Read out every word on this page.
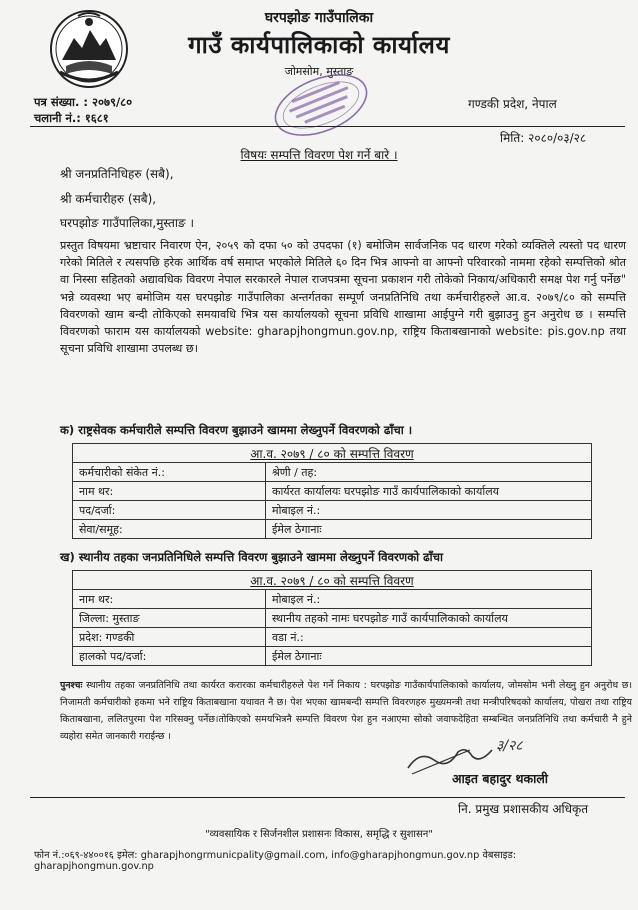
घरपझोङ गाउँपालिका
गाउँ कार्यपालिकाको कार्यालय
जोमसोम, मुस्ताङ
पत्र संख्या. : २०७९/८०
चलानी नं.: १६८१
गण्डकी प्रदेश, नेपाल
मिति: २०८०/०३/२८
विषयः सम्पत्ति विवरण पेश गर्ने बारे ।
श्री जनप्रतिनिधिहरु (सबै),
श्री कर्मचारीहरु (सबै),
घरपझोङ गाउँपालिका,मुस्ताङ ।
प्रस्तुत विषयमा भ्रष्टाचार निवारण ऐन, २०५९ को दफा ५० को उपदफा (१) बमोजिम सार्वजनिक पद धारण गरेको व्यक्तिले त्यस्तो पद धारण गरेको मितिले र त्यसपछि हरेक आर्थिक वर्ष समाप्त भएकोले मितिले ६० दिन भित्र आफ्नो वा आफ्नो परिवारको नाममा रहेको सम्पत्तिको श्रोत वा निस्सा सहितको अद्यावधिक विवरण नेपाल सरकारले नेपाल राजपत्रमा सूचना प्रकाशन गरी तोकेको निकाय/अधिकारी समक्ष पेश गर्नु पर्नेछ" भन्ने व्यवस्था भए बमोजिम यस घरपझोङ गाउँपालिका अन्तर्गतका सम्पूर्ण जनप्रतिनिधि तथा कर्मचारीहरुले आ.व. २०७९/८० को सम्पत्ति विवरणको खाम बन्दी तोकिएको समयावधि भित्र यस कार्यालयको सूचना प्रविधि शाखामा आईपुग्ने गरी बुझाउनु हुन अनुरोध छ । सम्पत्ति विवरणको फाराम यस कार्यालयको website: gharapjhongmun.gov.np, राष्ट्रिय किताबखानाको website: pis.gov.np तथा सूचना प्रविधि शाखामा उपलब्ध छ।
क) राष्ट्रसेवक कर्मचारीले सम्पत्ति विवरण बुझाउने खाममा लेख्नुपर्ने विवरणको ढाँचा ।
आ.व. २०७९ / ८० को सम्पत्ति विवरण	
कर्मचारीको संकेत नं.:	श्रेणी / तह:
नाम थर:	कार्यरत कार्यालयः घरपझोङ गाउँ कार्यपालिकाको कार्यालय
पद/दर्जा:	मोबाइल नं.:
सेवा/समूह:	ईमेल ठेगानाः
ख) स्थानीय तहका जनप्रतिनिधिले सम्पत्ति विवरण बुझाउने खाममा लेख्नुपर्ने विवरणको ढाँचा
आ.व. २०७९ / ८० को सम्पत्ति विवरण	
नाम थर:	मोबाइल नं.:
जिल्ला: मुस्ताङ	स्थानीय तहको नामः घरपझोङ गाउँ कार्यपालिकाको कार्यालय
प्रदेश: गण्डकी	वडा नं.:
हालको पद/दर्जा:	ईमेल ठेगानाः
पुनश्चः स्थानीय तहका जनप्रतिनिधि तथा कार्यरत करारका कर्मचारीहरुले पेश गर्ने निकाय : घरपझोङ गाउँकार्यपालिकाको कार्यालय, जोमसोम भनी लेख्नु हुन अनुरोध छ। निजामती कर्मचारीको हकमा भने राष्ट्रिय किताबखाना यथावत नै छ। पेश भएका खामबन्दी सम्पत्ति विवरणहरु मुख्यमन्त्री तथा मन्त्रीपरिषदको कार्यालय, पोखरा तथा राष्ट्रिय किताबखाना, ललितपुरमा पेश गरिसक्नु पर्नेछ।तोकिएको समयभित्रनै सम्पत्ति विवरण पेश हुन नआएमा सोको जवाफदेहिता सम्बन्धित जनप्रतिनिधि तथा कर्मचारी नै हुने व्यहोरा समेत जानकारी गराईन्छ ।
३/२८
आइत बहादुर थकाली
नि. प्रमुख प्रशासकीय अधिकृत
"व्यवसायिक र सिर्जनशील प्रशासनः विकास, समृद्धि र सुशासन"
फोन नं.:०६९-४४००१६ इमेल: gharapjhongrmunicpality@gmail.com, info@gharapjhongmun.gov.np वेबसाइड: gharapjhongmun.gov.np
